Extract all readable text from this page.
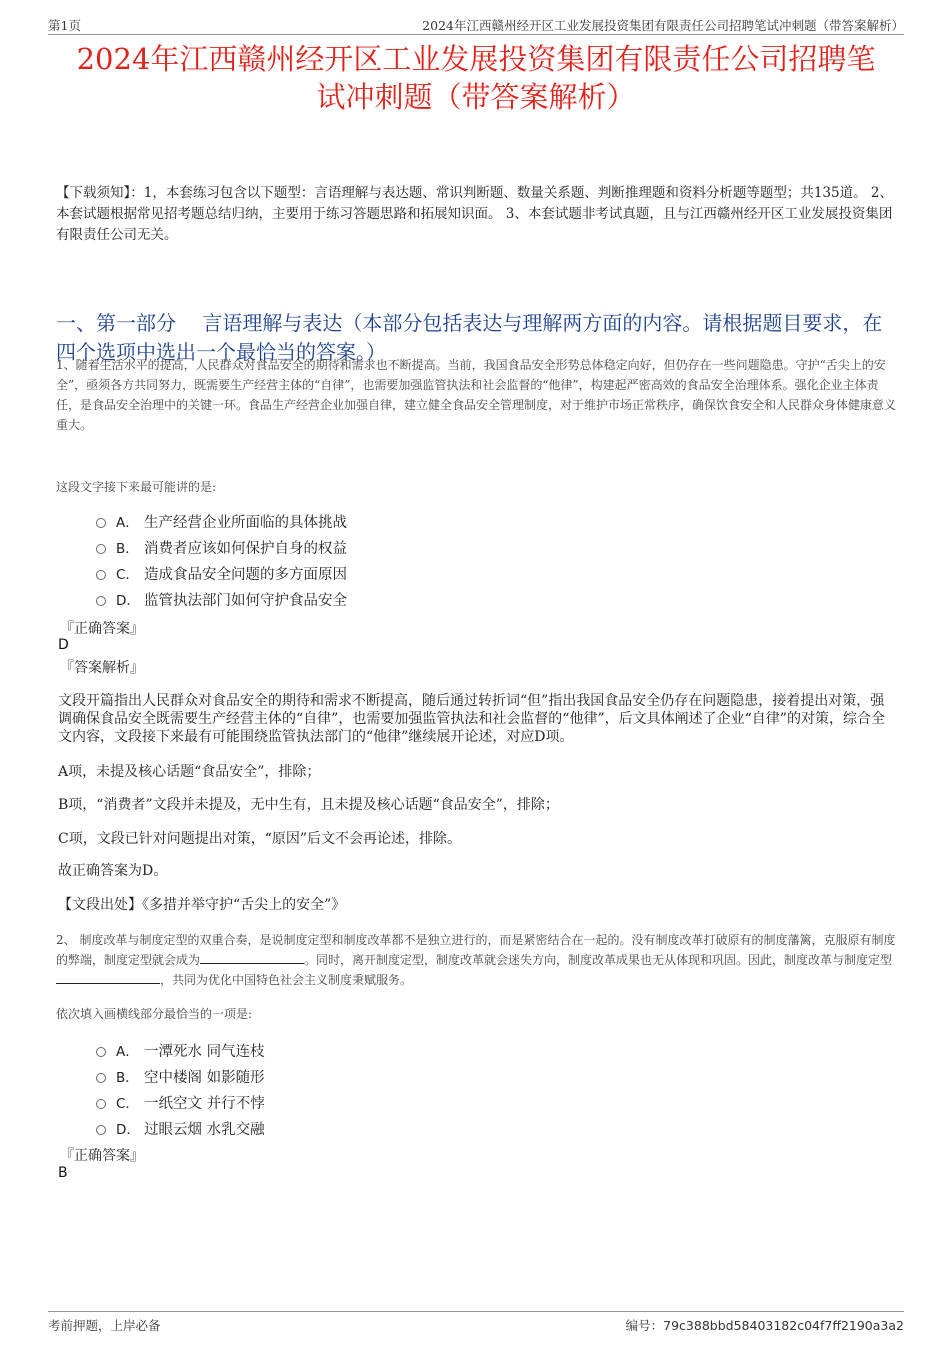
第1页	2024年江西赣州经开区工业发展投资集团有限责任公司招聘笔试冲刺题（带答案解析）
2024年江西赣州经开区工业发展投资集团有限责任公司招聘笔
试冲刺题（带答案解析）
【下载须知】：1，本套练习包含以下题型：言语理解与表达题、常识判断题、数量关系题、判断推理题和资料分析题等题型；共135道。 2、本套试题根据常见招考题总结归纳，主要用于练习答题思路和拓展知识面。 3、本套试题非考试真题，且与江西赣州经开区工业发展投资集团有限责任公司无关。
一、第一部分　 言语理解与表达（本部分包括表达与理解两方面的内容。请根据题目要求，在四个选项中选出一个最恰当的答案。）
1、随着生活水平的提高，人民群众对食品安全的期待和需求也不断提高。当前，我国食品安全形势总体稳定向好，但仍存在一些问题隐患。守护“舌尖上的安全”，亟须各方共同努力，既需要生产经营主体的“自律”，也需要加强监管执法和社会监督的“他律”，构建起严密高效的食品安全治理体系。强化企业主体责任，是食品安全治理中的关键一环。食品生产经营企业加强自律，建立健全食品安全管理制度，对于维护市场正常秩序，确保饮食安全和人民群众身体健康意义重大。
这段文字接下来最可能讲的是:
A． 生产经营企业所面临的具体挑战
B． 消费者应该如何保护自身的权益
C． 造成食品安全问题的多方面原因
D． 监管执法部门如何守护食品安全
『正确答案』
D
『答案解析』
文段开篇指出人民群众对食品安全的期待和需求不断提高，随后通过转折词“但”指出我国食品安全仍存在问题隐患，接着提出对策，强调确保食品安全既需要生产经营主体的“自律”，也需要加强监管执法和社会监督的“他律”，后文具体阐述了企业“自律”的对策，综合全文内容，文段接下来最有可能围绕监管执法部门的“他律”继续展开论述，对应D项。
A项，未提及核心话题“食品安全”，排除；
B项，“消费者”文段并未提及，无中生有，且未提及核心话题“食品安全”，排除；
C项，文段已针对问题提出对策，“原因”后文不会再论述，排除。
故正确答案为D。
【文段出处】《多措并举守护“舌尖上的安全”》
2、 制度改革与制度定型的双重合奏，是说制度定型和制度改革都不是独立进行的，而是紧密结合在一起的。没有制度改革打破原有的制度藩篱，克服原有制度的弊端，制度定型就会成为	。同时，离开制度定型，制度改革就会迷失方向，制度改革成果也无从体现和巩固。因此，制度改革与制度定型，共同为优化中国特色社会主义制度秉赋服务。
依次填入画横线部分最恰当的一项是:
A． 一潭死水 同气连枝
B． 空中楼阁 如影随形
C． 一纸空文 并行不悖
D． 过眼云烟 水乳交融
『正确答案』
B
考前押题，上岸必备	编号：79c388bbd58403182c04f7ff2190a3a2
